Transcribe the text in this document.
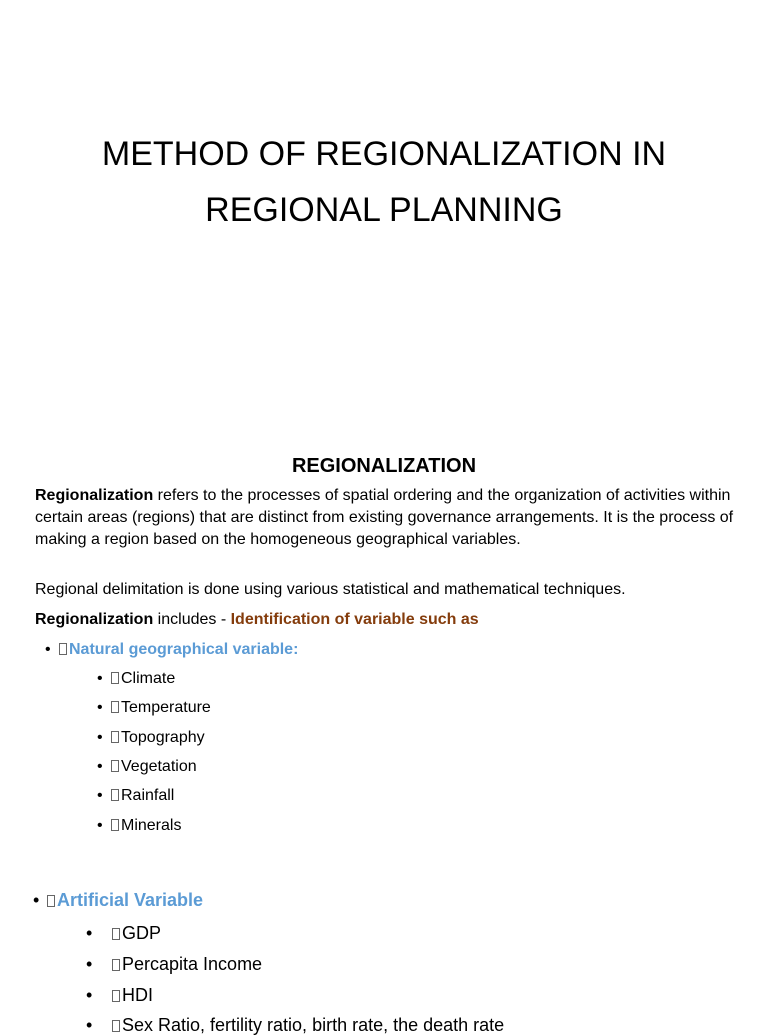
METHOD OF REGIONALIZATION IN
REGIONAL PLANNING
REGIONALIZATION

Regionalization refers to the processes of spatial ordering and the organization of activities within certain areas (regions) that are distinct from existing governance arrangements. It is the process of making a region based on the homogeneous geographical variables.

Regional delimitation is done using various statistical and mathematical techniques.

Regionalization includes - Identification of variable such as

• Natural geographical variable:
• Climate
• Temperature
• Topography
• Vegetation
• Rainfall
• Minerals
• Artificial Variable
• GDP
• Percapita Income
• HDI
• Sex Ratio, fertility ratio, birth rate, the death rate
